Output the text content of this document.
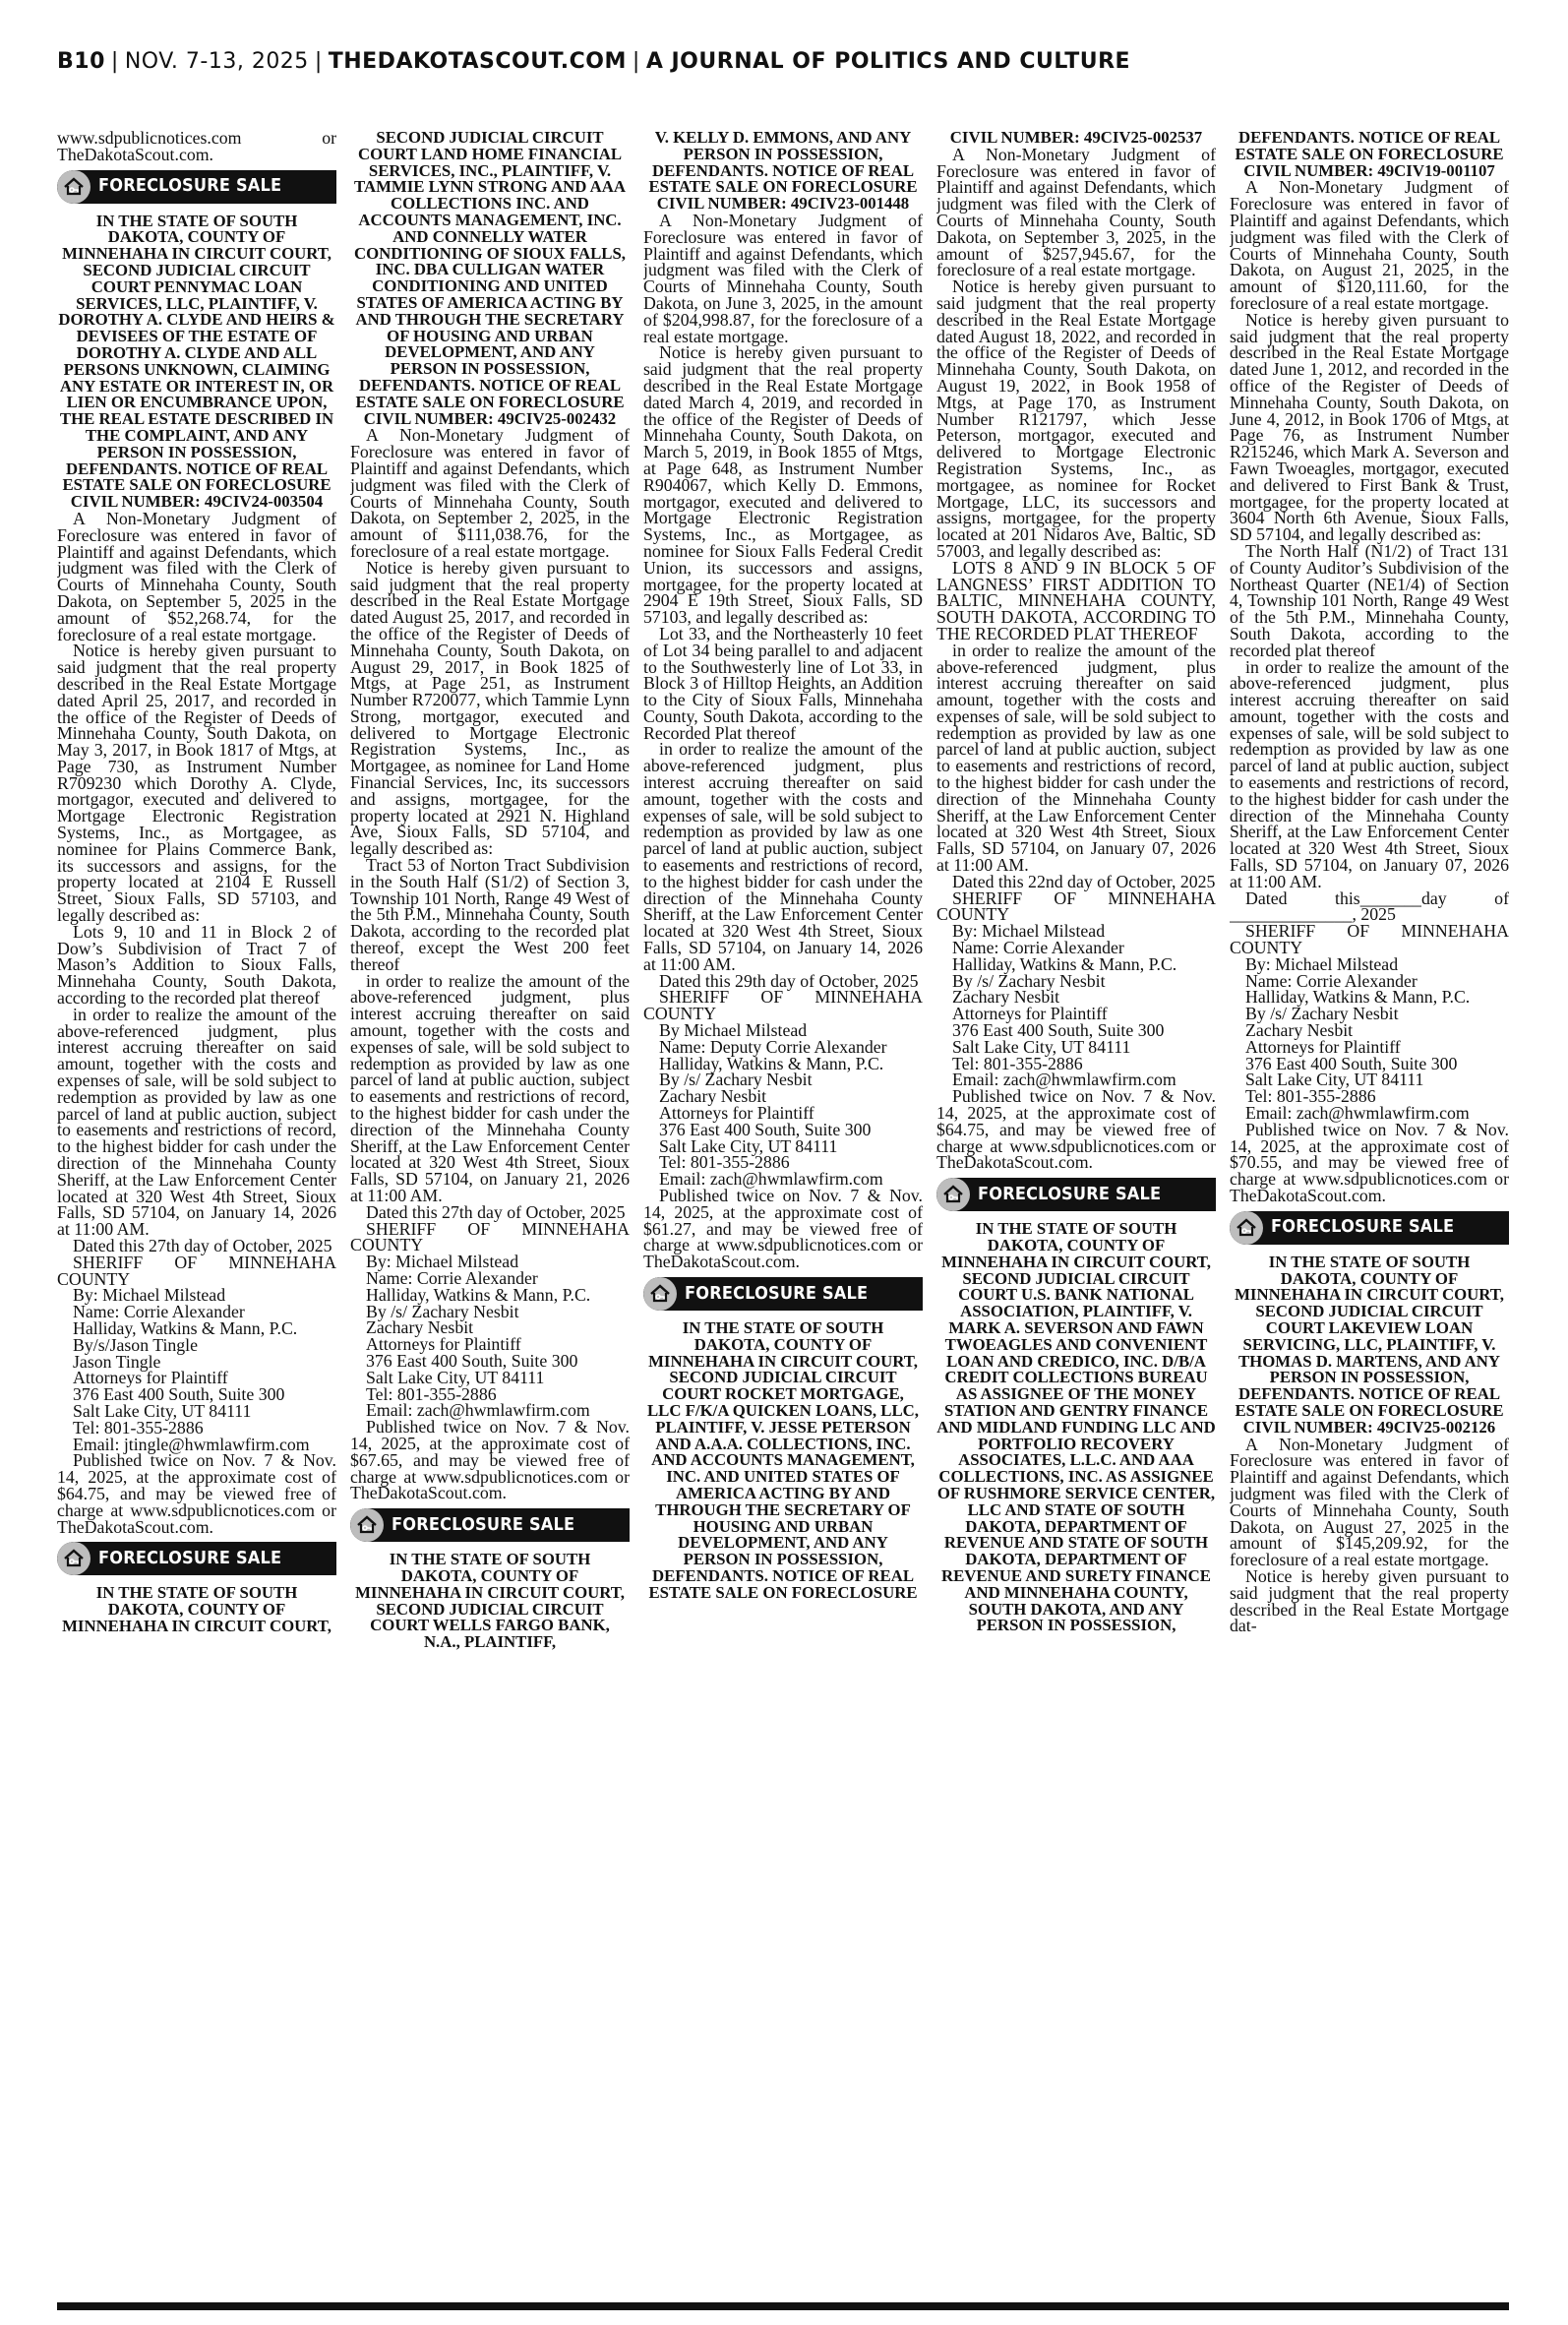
B10 | NOV. 7-13, 2025 | THEDAKOTASCOUT.COM | A JOURNAL OF POLITICS AND CULTURE

www.sdpublicnotices.com or TheDakotaScout.com.

FORECLOSURE SALE

IN THE STATE OF SOUTH DAKOTA, COUNTY OF MINNEHAHA IN CIRCUIT COURT, SECOND JUDICIAL CIRCUIT COURT PENNYMAC LOAN SERVICES, LLC, PLAINTIFF, V. DOROTHY A. CLYDE AND HEIRS & DEVISEES OF THE ESTATE OF DOROTHY A. CLYDE AND ALL PERSONS UNKNOWN, CLAIMING ANY ESTATE OR INTEREST IN, OR LIEN OR ENCUMBRANCE UPON, THE REAL ESTATE DESCRIBED IN THE COMPLAINT, AND ANY PERSON IN POSSESSION, DEFENDANTS. NOTICE OF REAL ESTATE SALE ON FORECLOSURE CIVIL NUMBER: 49CIV24-003504

A Non-Monetary Judgment of Foreclosure was entered in favor of Plaintiff and against Defendants, which judgment was filed with the Clerk of Courts of Minnehaha County, South Dakota, on September 5, 2025 in the amount of $52,268.74, for the foreclosure of a real estate mortgage.

Notice is hereby given pursuant to said judgment that the real property described in the Real Estate Mortgage dated April 25, 2017, and recorded in the office of the Register of Deeds of Minnehaha County, South Dakota, on May 3, 2017, in Book 1817 of Mtgs, at Page 730, as Instrument Number R709230 which Dorothy A. Clyde, mortgagor, executed and delivered to Mortgage Electronic Registration Systems, Inc., as Mortgagee, as nominee for Plains Commerce Bank, its successors and assigns, for the property located at 2104 E Russell Street, Sioux Falls, SD 57103, and legally described as:

Lots 9, 10 and 11 in Block 2 of Dow’s Subdivision of Tract 7 of Mason’s Addition to Sioux Falls, Minnehaha County, South Dakota, according to the recorded plat thereof

in order to realize the amount of the above-referenced judgment, plus interest accruing thereafter on said amount, together with the costs and expenses of sale, will be sold subject to redemption as provided by law as one parcel of land at public auction, subject to easements and restrictions of record, to the highest bidder for cash under the direction of the Minnehaha County Sheriff, at the Law Enforcement Center located at 320 West 4th Street, Sioux Falls, SD 57104, on January 14, 2026 at 11:00 AM.

Dated this 27th day of October, 2025

SHERIFF OF MINNEHAHA COUNTY

By: Michael Milstead

Name: Corrie Alexander

Halliday, Watkins & Mann, P.C.

By/s/Jason Tingle

Jason Tingle

Attorneys for Plaintiff

376 East 400 South, Suite 300

Salt Lake City, UT 84111

Tel: 801-355-2886

Email: jtingle@hwmlawfirm.com

Published twice on Nov. 7 & Nov. 14, 2025, at the approximate cost of $64.75, and may be viewed free of charge at www.sdpublicnotices.com or TheDakotaScout.com.

FORECLOSURE SALE

IN THE STATE OF SOUTH DAKOTA, COUNTY OF MINNEHAHA IN CIRCUIT COURT,

SECOND JUDICIAL CIRCUIT COURT LAND HOME FINANCIAL SERVICES, INC., PLAINTIFF, V. TAMMIE LYNN STRONG AND AAA COLLECTIONS INC. AND ACCOUNTS MANAGEMENT, INC. AND CONNELLY WATER CONDITIONING OF SIOUX FALLS, INC. DBA CULLIGAN WATER CONDITIONING AND UNITED STATES OF AMERICA ACTING BY AND THROUGH THE SECRETARY OF HOUSING AND URBAN DEVELOPMENT, AND ANY PERSON IN POSSESSION, DEFENDANTS. NOTICE OF REAL ESTATE SALE ON FORECLOSURE CIVIL NUMBER: 49CIV25-002432

A Non-Monetary Judgment of Foreclosure was entered in favor of Plaintiff and against Defendants, which judgment was filed with the Clerk of Courts of Minnehaha County, South Dakota, on September 2, 2025, in the amount of $111,038.76, for the foreclosure of a real estate mortgage.

Notice is hereby given pursuant to said judgment that the real property described in the Real Estate Mortgage dated August 25, 2017, and recorded in the office of the Register of Deeds of Minnehaha County, South Dakota, on August 29, 2017, in Book 1825 of Mtgs, at Page 251, as Instrument Number R720077, which Tammie Lynn Strong, mortgagor, executed and delivered to Mortgage Electronic Registration Systems, Inc., as Mortgagee, as nominee for Land Home Financial Services, Inc, its successors and assigns, mortgagee, for the property located at 2921 N. Highland Ave, Sioux Falls, SD 57104, and legally described as:

Tract 53 of Norton Tract Subdivision in the South Half (S1/2) of Section 3, Township 101 North, Range 49 West of the 5th P.M., Minnehaha County, South Dakota, according to the recorded plat thereof, except the West 200 feet thereof

in order to realize the amount of the above-referenced judgment, plus interest accruing thereafter on said amount, together with the costs and expenses of sale, will be sold subject to redemption as provided by law as one parcel of land at public auction, subject to easements and restrictions of record, to the highest bidder for cash under the direction of the Minnehaha County Sheriff, at the Law Enforcement Center located at 320 West 4th Street, Sioux Falls, SD 57104, on January 21, 2026 at 11:00 AM.

Dated this 27th day of October, 2025

SHERIFF OF MINNEHAHA COUNTY

By: Michael Milstead

Name: Corrie Alexander

Halliday, Watkins & Mann, P.C.

By /s/ Zachary Nesbit

Zachary Nesbit

Attorneys for Plaintiff

376 East 400 South, Suite 300

Salt Lake City, UT 84111

Tel: 801-355-2886

Email: zach@hwmlawfirm.com

Published twice on Nov. 7 & Nov. 14, 2025, at the approximate cost of $67.65, and may be viewed free of charge at www.sdpublicnotices.com or TheDakotaScout.com.

FORECLOSURE SALE

IN THE STATE OF SOUTH DAKOTA, COUNTY OF MINNEHAHA IN CIRCUIT COURT, SECOND JUDICIAL CIRCUIT COURT WELLS FARGO BANK, N.A., PLAINTIFF,

V. KELLY D. EMMONS, AND ANY PERSON IN POSSESSION, DEFENDANTS. NOTICE OF REAL ESTATE SALE ON FORECLOSURE CIVIL NUMBER: 49CIV23-001448

A Non-Monetary Judgment of Foreclosure was entered in favor of Plaintiff and against Defendants, which judgment was filed with the Clerk of Courts of Minnehaha County, South Dakota, on June 3, 2025, in the amount of $204,998.87, for the foreclosure of a real estate mortgage.

Notice is hereby given pursuant to said judgment that the real property described in the Real Estate Mortgage dated March 4, 2019, and recorded in the office of the Register of Deeds of Minnehaha County, South Dakota, on March 5, 2019, in Book 1855 of Mtgs, at Page 648, as Instrument Number R904067, which Kelly D. Emmons, mortgagor, executed and delivered to Mortgage Electronic Registration Systems, Inc., as Mortgagee, as nominee for Sioux Falls Federal Credit Union, its successors and assigns, mortgagee, for the property located at 2904 E 19th Street, Sioux Falls, SD 57103, and legally described as:

Lot 33, and the Northeasterly 10 feet of Lot 34 being parallel to and adjacent to the Southwesterly line of Lot 33, in Block 3 of Hilltop Heights, an Addition to the City of Sioux Falls, Minnehaha County, South Dakota, according to the Recorded Plat thereof

in order to realize the amount of the above-referenced judgment, plus interest accruing thereafter on said amount, together with the costs and expenses of sale, will be sold subject to redemption as provided by law as one parcel of land at public auction, subject to easements and restrictions of record, to the highest bidder for cash under the direction of the Minnehaha County Sheriff, at the Law Enforcement Center located at 320 West 4th Street, Sioux Falls, SD 57104, on January 14, 2026 at 11:00 AM.

Dated this 29th day of October, 2025

SHERIFF OF MINNEHAHA COUNTY

By Michael Milstead

Name: Deputy Corrie Alexander

Halliday, Watkins & Mann, P.C.

By /s/ Zachary Nesbit

Zachary Nesbit

Attorneys for Plaintiff

376 East 400 South, Suite 300

Salt Lake City, UT 84111

Tel: 801-355-2886

Email: zach@hwmlawfirm.com

Published twice on Nov. 7 & Nov. 14, 2025, at the approximate cost of $61.27, and may be viewed free of charge at www.sdpublicnotices.com or TheDakotaScout.com.

FORECLOSURE SALE

IN THE STATE OF SOUTH DAKOTA, COUNTY OF MINNEHAHA IN CIRCUIT COURT, SECOND JUDICIAL CIRCUIT COURT ROCKET MORTGAGE, LLC F/K/A QUICKEN LOANS, LLC, PLAINTIFF, V. JESSE PETERSON AND A.A.A. COLLECTIONS, INC. AND ACCOUNTS MANAGEMENT, INC. AND UNITED STATES OF AMERICA ACTING BY AND THROUGH THE SECRETARY OF HOUSING AND URBAN DEVELOPMENT, AND ANY PERSON IN POSSESSION, DEFENDANTS. NOTICE OF REAL ESTATE SALE ON FORECLOSURE

CIVIL NUMBER: 49CIV25-002537

A Non-Monetary Judgment of Foreclosure was entered in favor of Plaintiff and against Defendants, which judgment was filed with the Clerk of Courts of Minnehaha County, South Dakota, on September 3, 2025, in the amount of $257,945.67, for the foreclosure of a real estate mortgage.

Notice is hereby given pursuant to said judgment that the real property described in the Real Estate Mortgage dated August 18, 2022, and recorded in the office of the Register of Deeds of Minnehaha County, South Dakota, on August 19, 2022, in Book 1958 of Mtgs, at Page 170, as Instrument Number R121797, which Jesse Peterson, mortgagor, executed and delivered to Mortgage Electronic Registration Systems, Inc., as mortgagee, as nominee for Rocket Mortgage, LLC, its successors and assigns, mortgagee, for the property located at 201 Nidaros Ave, Baltic, SD 57003, and legally described as:

LOTS 8 AND 9 IN BLOCK 5 OF LANGNESS’ FIRST ADDITION TO BALTIC, MINNEHAHA COUNTY, SOUTH DAKOTA, ACCORDING TO THE RECORDED PLAT THEREOF

in order to realize the amount of the above-referenced judgment, plus interest accruing thereafter on said amount, together with the costs and expenses of sale, will be sold subject to redemption as provided by law as one parcel of land at public auction, subject to easements and restrictions of record, to the highest bidder for cash under the direction of the Minnehaha County Sheriff, at the Law Enforcement Center located at 320 West 4th Street, Sioux Falls, SD 57104, on January 07, 2026 at 11:00 AM.

Dated this 22nd day of October, 2025

SHERIFF OF MINNEHAHA COUNTY

By: Michael Milstead

Name: Corrie Alexander

Halliday, Watkins & Mann, P.C.

By /s/ Zachary Nesbit

Zachary Nesbit

Attorneys for Plaintiff

376 East 400 South, Suite 300

Salt Lake City, UT 84111

Tel: 801-355-2886

Email: zach@hwmlawfirm.com

Published twice on Nov. 7 & Nov. 14, 2025, at the approximate cost of $64.75, and may be viewed free of charge at www.sdpublicnotices.com or TheDakotaScout.com.

FORECLOSURE SALE

IN THE STATE OF SOUTH DAKOTA, COUNTY OF MINNEHAHA IN CIRCUIT COURT, SECOND JUDICIAL CIRCUIT COURT U.S. BANK NATIONAL ASSOCIATION, PLAINTIFF, V. MARK A. SEVERSON AND FAWN TWOEAGLES AND CONVENIENT LOAN AND CREDICO, INC. D/B/A CREDIT COLLECTIONS BUREAU AS ASSIGNEE OF THE MONEY STATION AND GENTRY FINANCE AND MIDLAND FUNDING LLC AND PORTFOLIO RECOVERY ASSOCIATES, L.L.C. AND AAA COLLECTIONS, INC. AS ASSIGNEE OF RUSHMORE SERVICE CENTER, LLC AND STATE OF SOUTH DAKOTA, DEPARTMENT OF REVENUE AND STATE OF SOUTH DAKOTA, DEPARTMENT OF REVENUE AND SURETY FINANCE AND MINNEHAHA COUNTY, SOUTH DAKOTA, AND ANY PERSON IN POSSESSION,

DEFENDANTS. NOTICE OF REAL ESTATE SALE ON FORECLOSURE CIVIL NUMBER: 49CIV19-001107

A Non-Monetary Judgment of Foreclosure was entered in favor of Plaintiff and against Defendants, which judgment was filed with the Clerk of Courts of Minnehaha County, South Dakota, on August 21, 2025, in the amount of $120,111.60, for the foreclosure of a real estate mortgage.

Notice is hereby given pursuant to said judgment that the real property described in the Real Estate Mortgage dated June 1, 2012, and recorded in the office of the Register of Deeds of Minnehaha County, South Dakota, on June 4, 2012, in Book 1706 of Mtgs, at Page 76, as Instrument Number R215246, which Mark A. Severson and Fawn Twoeagles, mortgagor, executed and delivered to First Bank & Trust, mortgagee, for the property located at 3604 North 6th Avenue, Sioux Falls, SD 57104, and legally described as:

The North Half (N1/2) of Tract 131 of County Auditor’s Subdivision of the Northeast Quarter (NE1/4) of Section 4, Township 101 North, Range 49 West of the 5th P.M., Minnehaha County, South Dakota, according to the recorded plat thereof

in order to realize the amount of the above-referenced judgment, plus interest accruing thereafter on said amount, together with the costs and expenses of sale, will be sold subject to redemption as provided by law as one parcel of land at public auction, subject to easements and restrictions of record, to the highest bidder for cash under the direction of the Minnehaha County Sheriff, at the Law Enforcement Center located at 320 West 4th Street, Sioux Falls, SD 57104, on January 07, 2026 at 11:00 AM.

Dated this_______day of ______________, 2025

SHERIFF OF MINNEHAHA COUNTY

By: Michael Milstead

Name: Corrie Alexander

Halliday, Watkins & Mann, P.C.

By /s/ Zachary Nesbit

Zachary Nesbit

Attorneys for Plaintiff

376 East 400 South, Suite 300

Salt Lake City, UT 84111

Tel: 801-355-2886

Email: zach@hwmlawfirm.com

Published twice on Nov. 7 & Nov. 14, 2025, at the approximate cost of $70.55, and may be viewed free of charge at www.sdpublicnotices.com or TheDakotaScout.com.

FORECLOSURE SALE

IN THE STATE OF SOUTH DAKOTA, COUNTY OF MINNEHAHA IN CIRCUIT COURT, SECOND JUDICIAL CIRCUIT COURT LAKEVIEW LOAN SERVICING, LLC, PLAINTIFF, V. THOMAS D. MARTENS, AND ANY PERSON IN POSSESSION, DEFENDANTS. NOTICE OF REAL ESTATE SALE ON FORECLOSURE CIVIL NUMBER: 49CIV25-002126

A Non-Monetary Judgment of Foreclosure was entered in favor of Plaintiff and against Defendants, which judgment was filed with the Clerk of Courts of Minnehaha County, South Dakota, on August 27, 2025 in the amount of $145,209.92, for the foreclosure of a real estate mortgage.

Notice is hereby given pursuant to said judgment that the real property described in the Real Estate Mortgage dat-
